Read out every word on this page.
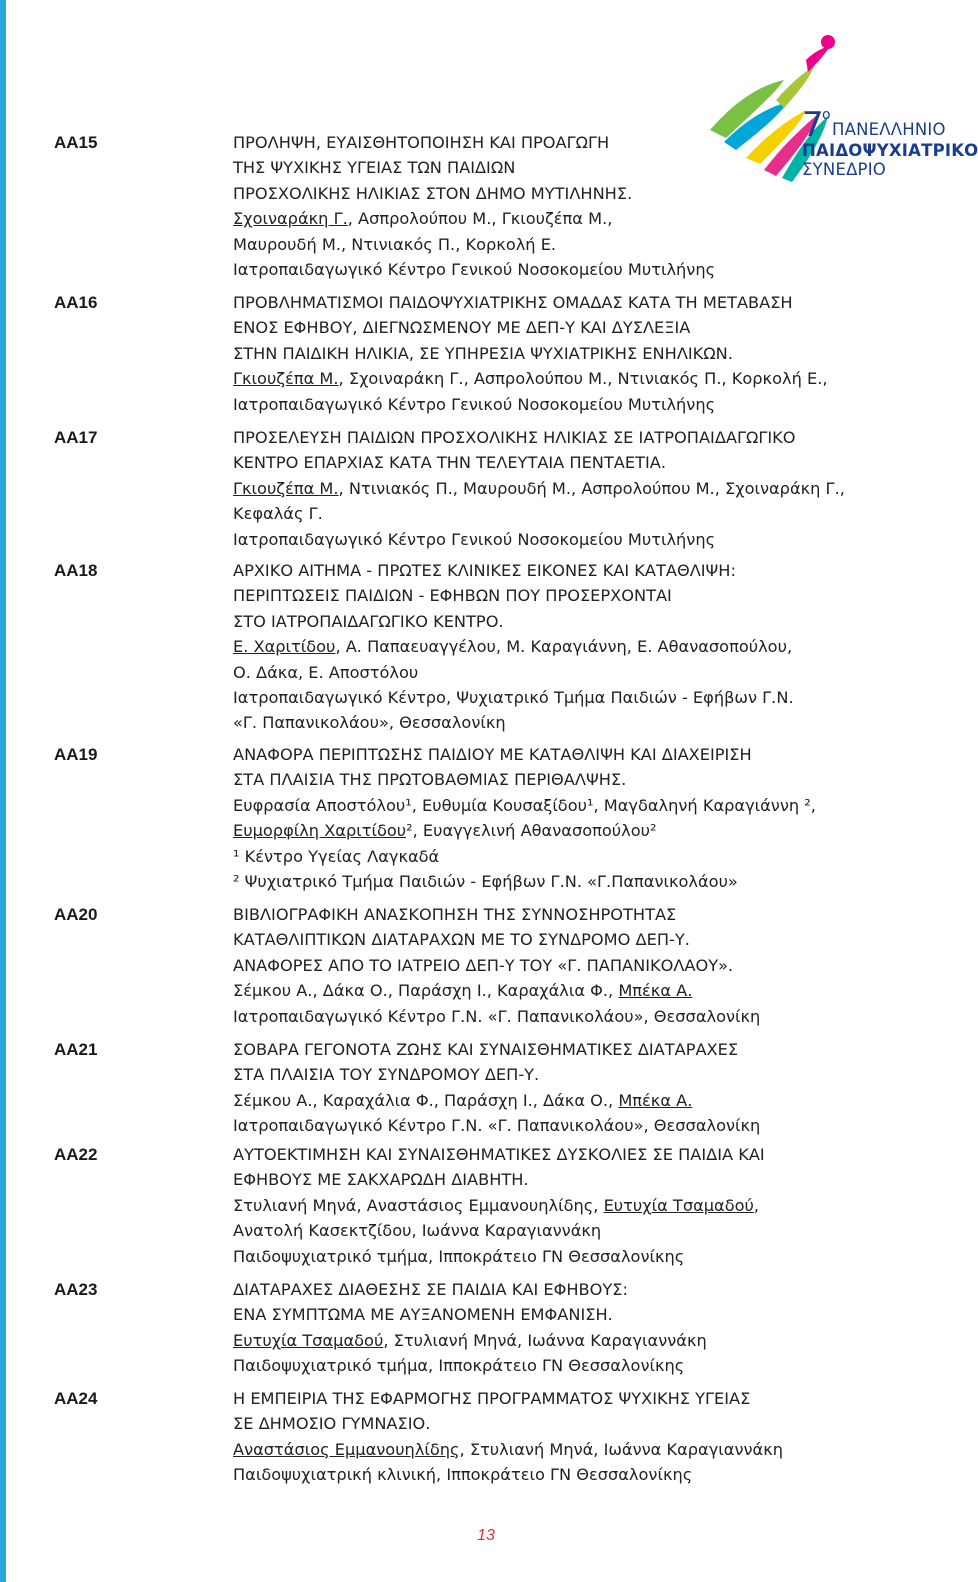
7
ο
ΠΑΝΕΛΛΗΝΙΟ
ΠΑΙΔΟΨΥΧΙΑΤΡΙΚΟ
ΣΥΝΕΔΡΙΟ
AA15	ΠΡΟΛΗΨΗ, ΕΥΑΙΣΘΗΤΟΠΟΙΗΣΗ ΚΑΙ ΠΡΟΑΓΩΓΗ
ΤΗΣ ΨΥΧΙΚΗΣ ΥΓΕΙΑΣ ΤΩΝ ΠΑΙΔΙΩΝ
ΠΡΟΣΧΟΛΙΚΗΣ ΗΛΙΚΙΑΣ ΣΤΟΝ ΔΗΜΟ ΜΥΤΙΛΗΝΗΣ.
Σχοιναράκη Γ., Ασπρολούπου Μ., Γκιουζέπα Μ.,
Μαυρουδή Μ., Ντινιακός Π., Κορκολή Ε.
Ιατροπαιδαγωγικό Κέντρο Γενικού Νοσοκομείου Μυτιλήνης
AA16	ΠΡΟΒΛΗΜΑΤΙΣΜΟΙ ΠΑΙΔΟΨΥΧΙΑΤΡΙΚΗΣ ΟΜΑΔΑΣ ΚΑΤΑ ΤΗ ΜΕΤΑΒΑΣΗ
ΕΝΟΣ ΕΦΗΒΟΥ, ΔΙΕΓΝΩΣΜΕΝΟΥ ΜΕ ΔΕΠ-Υ ΚΑΙ ΔΥΣΛΕΞΙΑ
ΣΤΗΝ ΠΑΙΔΙΚΗ ΗΛΙΚΙΑ, ΣΕ ΥΠΗΡΕΣΙΑ ΨΥΧΙΑΤΡΙΚΗΣ ΕΝΗΛΙΚΩΝ.
Γκιουζέπα Μ., Σχοιναράκη Γ., Ασπρολούπου Μ., Ντινιακός Π., Κορκολή Ε.,
Ιατροπαιδαγωγικό Κέντρο Γενικού Νοσοκομείου Μυτιλήνης
AA17	ΠΡΟΣΕΛΕΥΣΗ ΠΑΙΔΙΩΝ ΠΡΟΣΧΟΛΙΚΗΣ ΗΛΙΚΙΑΣ ΣΕ ΙΑΤΡΟΠΑΙΔΑΓΩΓΙΚΟ
ΚΕΝΤΡΟ ΕΠΑΡΧΙΑΣ ΚΑΤΑ ΤΗΝ ΤΕΛΕΥΤΑΙΑ ΠΕΝΤΑΕΤΙΑ.
Γκιουζέπα Μ., Ντινιακός Π., Μαυρουδή Μ., Ασπρολούπου Μ., Σχοιναράκη Γ.,
Κεφαλάς Γ.
Ιατροπαιδαγωγικό Κέντρο Γενικού Νοσοκομείου Μυτιλήνης
AA18	ΑΡΧΙΚΟ ΑΙΤΗΜΑ - ΠΡΩΤΕΣ ΚΛΙΝΙΚΕΣ ΕΙΚΟΝΕΣ ΚΑΙ ΚΑΤΑΘΛΙΨΗ:
ΠΕΡΙΠΤΩΣΕΙΣ ΠΑΙΔΙΩΝ - ΕΦΗΒΩΝ ΠΟΥ ΠΡΟΣΕΡΧΟΝΤΑΙ
ΣΤΟ ΙΑΤΡΟΠΑΙΔΑΓΩΓΙΚΟ ΚΕΝΤΡΟ.
Ε. Χαριτίδου, Α. Παπαευαγγέλου, Μ. Καραγιάννη, Ε. Αθανασοπούλου,
Ο. Δάκα, Ε. Αποστόλου
Ιατροπαιδαγωγικό Κέντρο, Ψυχιατρικό Τμήμα Παιδιών - Εφήβων Γ.Ν.
«Γ. Παπανικολάου», Θεσσαλονίκη
AA19	ΑΝΑΦΟΡΑ ΠΕΡΙΠΤΩΣΗΣ ΠΑΙΔΙΟΥ ΜΕ ΚΑΤΑΘΛΙΨΗ ΚΑΙ ΔΙΑΧΕΙΡΙΣΗ
ΣΤΑ ΠΛΑΙΣΙΑ ΤΗΣ ΠΡΩΤΟΒΑΘΜΙΑΣ ΠΕΡΙΘΑΛΨΗΣ.
Ευφρασία Αποστόλου¹, Ευθυμία Κουσαξίδου¹, Μαγδαληνή Καραγιάννη ²,
Ευμορφίλη Χαριτίδου², Ευαγγελινή Αθανασοπούλου²
¹ Κέντρο Υγείας Λαγκαδά
² Ψυχιατρικό Τμήμα Παιδιών - Εφήβων Γ.Ν. «Γ.Παπανικολάου»
AA20	ΒΙΒΛΙΟΓΡΑΦΙΚΗ ΑΝΑΣΚΟΠΗΣΗ ΤΗΣ ΣΥΝΝΟΣΗΡΟΤΗΤΑΣ
ΚΑΤΑΘΛΙΠΤΙΚΩΝ ΔΙΑΤΑΡΑΧΩΝ ΜΕ ΤΟ ΣΥΝΔΡΟΜΟ ΔΕΠ-Υ.
ΑΝΑΦΟΡΕΣ ΑΠΟ ΤΟ ΙΑΤΡΕΙΟ ΔΕΠ-Υ ΤΟΥ «Γ. ΠΑΠΑΝΙΚΟΛΑΟΥ».
Σέμκου Α., Δάκα Ο., Παράσχη Ι., Καραχάλια Φ., Μπέκα Α.
Ιατροπαιδαγωγικό Κέντρο Γ.Ν. «Γ. Παπανικολάου», Θεσσαλονίκη
AA21	ΣΟΒΑΡΑ ΓΕΓΟΝΟΤΑ ΖΩΗΣ ΚΑΙ ΣΥΝΑΙΣΘΗΜΑΤΙΚΕΣ ΔΙΑΤΑΡΑΧΕΣ
ΣΤΑ ΠΛΑΙΣΙΑ ΤΟΥ ΣΥΝΔΡΟΜΟΥ ΔΕΠ-Υ.
Σέμκου Α., Καραχάλια Φ., Παράσχη Ι., Δάκα Ο., Μπέκα Α.
Ιατροπαιδαγωγικό Κέντρο Γ.Ν. «Γ. Παπανικολάου», Θεσσαλονίκη
AA22	ΑΥΤΟΕΚΤΙΜΗΣΗ ΚΑΙ ΣΥΝΑΙΣΘΗΜΑΤΙΚΕΣ ΔΥΣΚΟΛΙΕΣ ΣΕ ΠΑΙΔΙΑ ΚΑΙ
ΕΦΗΒΟΥΣ ΜΕ ΣΑΚΧΑΡΩΔΗ ΔΙΑΒΗΤΗ.
Στυλιανή Μηνά, Αναστάσιος Εμμανουηλίδης, Ευτυχία Τσαμαδού,
Ανατολή Κασεκτζίδου, Ιωάννα Καραγιαννάκη
Παιδοψυχιατρικό τμήμα, Ιπποκράτειο ΓΝ Θεσσαλονίκης
AA23	ΔΙΑΤΑΡΑΧΕΣ ΔΙΑΘΕΣΗΣ ΣΕ ΠΑΙΔΙΑ ΚΑΙ ΕΦΗΒΟΥΣ:
ΕΝΑ ΣΥΜΠΤΩΜΑ ΜΕ ΑΥΞΑΝΟΜΕΝΗ ΕΜΦΑΝΙΣΗ.
Ευτυχία Τσαμαδού, Στυλιανή Μηνά, Ιωάννα Καραγιαννάκη
Παιδοψυχιατρικό τμήμα, Ιπποκράτειο ΓΝ Θεσσαλονίκης
AA24	Η ΕΜΠΕΙΡΙΑ ΤΗΣ ΕΦΑΡΜΟΓΗΣ ΠΡΟΓΡΑΜΜΑΤΟΣ ΨΥΧΙΚΗΣ ΥΓΕΙΑΣ
ΣΕ ΔΗΜΟΣΙΟ ΓΥΜΝΑΣΙΟ.
Αναστάσιος Εμμανουηλίδης, Στυλιανή Μηνά, Ιωάννα Καραγιαννάκη
Παιδοψυχιατρική κλινική, Ιπποκράτειο ΓΝ Θεσσαλονίκης
13
